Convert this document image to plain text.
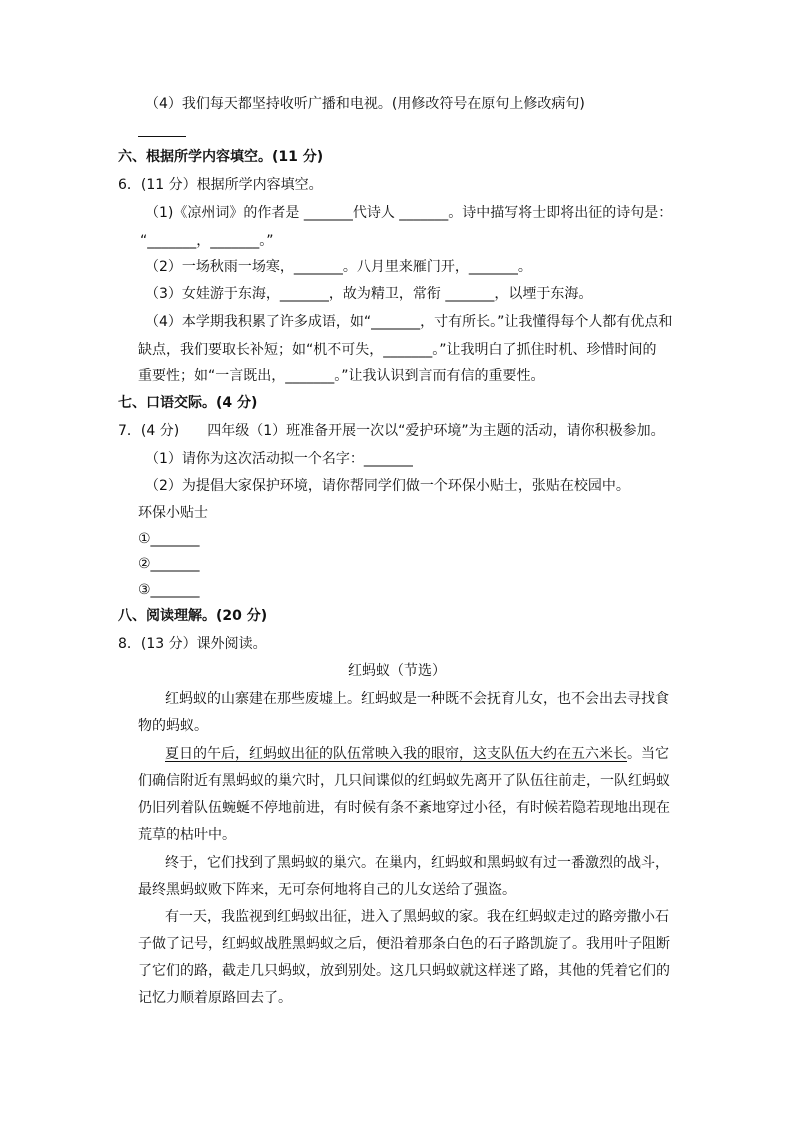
（4）我们每天都坚持收听广播和电视。(用修改符号在原句上修改病句)
六、根据所学内容填空。(11 分)
6．(11 分）根据所学内容填空。
（1)《凉州词》的作者是 _______代诗人 _______。诗中描写将士即将出征的诗句是：
“_______，_______。”
（2）一场秋雨一场寒，_______。八月里来雁门开，_______。
（3）女娃游于东海，_______，故为精卫，常衔 _______，以堙于东海。
（4）本学期我积累了许多成语，如“_______，寸有所长。”让我懂得每个人都有优点和
缺点，我们要取长补短；如“机不可失，_______。”让我明白了抓住时机、珍惜时间的
重要性；如“一言既出，_______。”让我认识到言而有信的重要性。
七、口语交际。(4 分)
7．(4 分)　　四年级（1）班准备开展一次以“爱护环境”为主题的活动，请你积极参加。
（1）请你为这次活动拟一个名字：_______
（2）为提倡大家保护环境，请你帮同学们做一个环保小贴士，张贴在校园中。
环保小贴士
①_______
②_______
③_______
八、阅读理解。(20 分)
8．(13 分）课外阅读。
红蚂蚁（节选）
红蚂蚁的山寨建在那些废墟上。红蚂蚁是一种既不会抚育儿女，也不会出去寻找食
物的蚂蚁。
夏日的午后，红蚂蚁出征的队伍常映入我的眼帘，这支队伍大约在五六米长。当它
们确信附近有黑蚂蚁的巢穴时，几只间谍似的红蚂蚁先离开了队伍往前走，一队红蚂蚁
仍旧列着队伍蜿蜒不停地前进，有时候有条不紊地穿过小径，有时候若隐若现地出现在
荒草的枯叶中。
终于，它们找到了黑蚂蚁的巢穴。在巢内，红蚂蚁和黑蚂蚁有过一番激烈的战斗，
最终黑蚂蚁败下阵来，无可奈何地将自己的儿女送给了强盗。
有一天，我监视到红蚂蚁出征，进入了黑蚂蚁的家。我在红蚂蚁走过的路旁撒小石
子做了记号，红蚂蚁战胜黑蚂蚁之后，便沿着那条白色的石子路凯旋了。我用叶子阻断
了它们的路，截走几只蚂蚁，放到别处。这几只蚂蚁就这样迷了路，其他的凭着它们的
记忆力顺着原路回去了。
